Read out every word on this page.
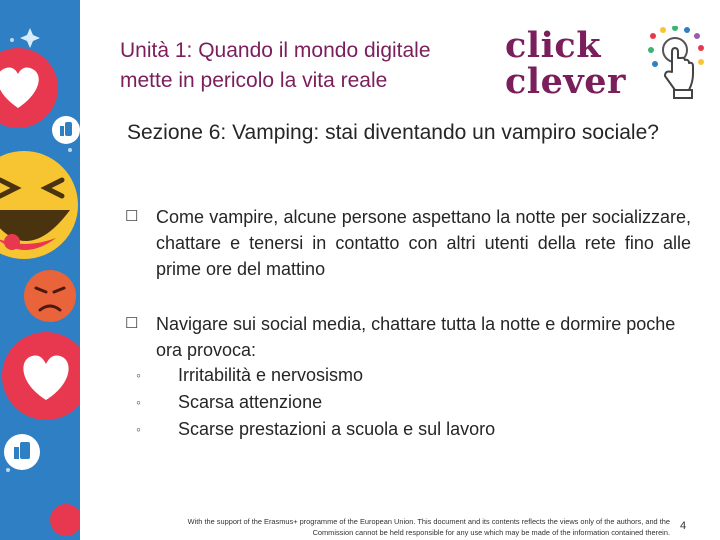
Unità 1: Quando il mondo digitale
mette in pericolo la vita reale
click
clever
Sezione 6: Vamping: stai diventando un vampiro sociale?
☐ Come vampire, alcune persone aspettano la notte per socializzare, chattare e tenersi in contatto con altri utenti della rete fino alle prime ore del mattino
☐ Navigare sui social media, chattare tutta la notte e dormire poche ora provoca:
◦ Irritabilità e nervosismo
◦ Scarsa attenzione
◦ Scarse prestazioni a scuola e sul lavoro
With the support of the Erasmus+ programme of the European Union. This document and its contents reflects the views only of the authors, and the
Commission cannot be held responsible for any use which may be made of the information contained therein.
4
